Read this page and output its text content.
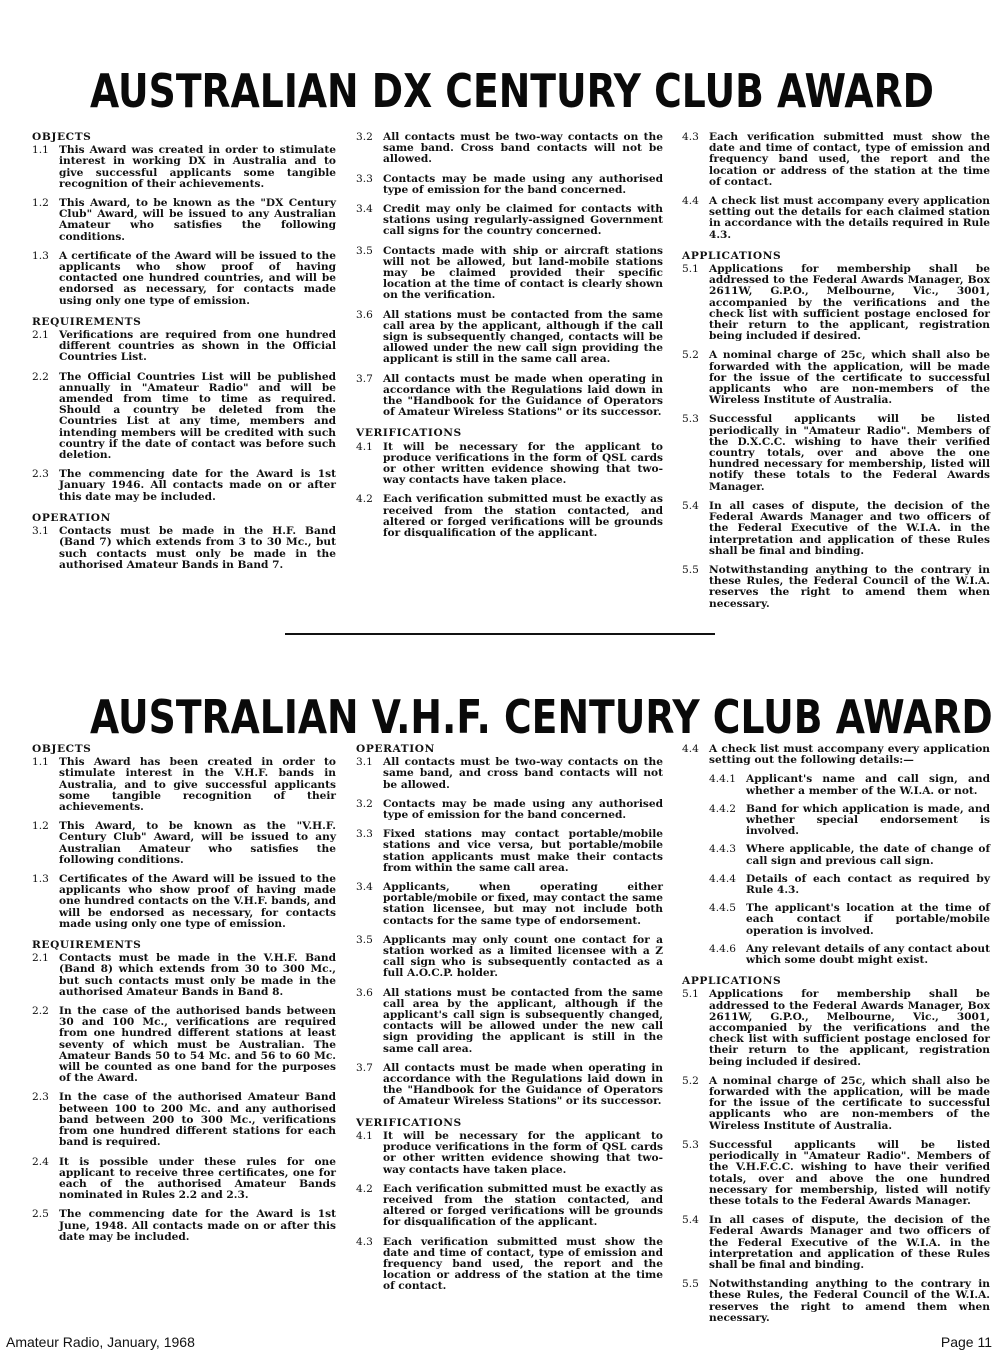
AUSTRALIAN DX CENTURY CLUB AWARD
OBJECTS
1.1 This Award was created in order to stimulate interest in working DX in Australia and to give successful applicants some tangible recognition of their achievements.
1.2 This Award, to be known as the "DX Century Club" Award, will be issued to any Australian Amateur who satisfies the following conditions.
1.3 A certificate of the Award will be issued to the applicants who show proof of having contacted one hundred countries, and will be endorsed as necessary, for contacts made using only one type of emission.
REQUIREMENTS
2.1 Verifications are required from one hundred different countries as shown in the Official Countries List.
2.2 The Official Countries List will be published annually in "Amateur Radio" and will be amended from time to time as required. Should a country be deleted from the Countries List at any time, members and intending members will be credited with such country if the date of contact was before such deletion.
2.3 The commencing date for the Award is 1st January 1946. All contacts made on or after this date may be included.
OPERATION
3.1 Contacts must be made in the H.F. Band (Band 7) which extends from 3 to 30 Mc., but such contacts must only be made in the authorised Amateur Bands in Band 7.
3.2 All contacts must be two-way contacts on the same band. Cross band contacts will not be allowed.
3.3 Contacts may be made using any authorised type of emission for the band concerned.
3.4 Credit may only be claimed for contacts with stations using regularly-assigned Government call signs for the country concerned.
3.5 Contacts made with ship or aircraft stations will not be allowed, but land-mobile stations may be claimed provided their specific location at the time of contact is clearly shown on the verification.
3.6 All stations must be contacted from the same call area by the applicant, although if the call sign is subsequently changed, contacts will be allowed under the new call sign providing the applicant is still in the same call area.
3.7 All contacts must be made when operating in accordance with the Regulations laid down in the "Handbook for the Guidance of Operators of Amateur Wireless Stations" or its successor.
VERIFICATIONS
4.1 It will be necessary for the applicant to produce verifications in the form of QSL cards or other written evidence showing that two-way contacts have taken place.
4.2 Each verification submitted must be exactly as received from the station contacted, and altered or forged verifications will be grounds for disqualification of the applicant.
4.3 Each verification submitted must show the date and time of contact, type of emission and frequency band used, the report and the location or address of the station at the time of contact.
4.4 A check list must accompany every application setting out the details for each claimed station in accordance with the details required in Rule 4.3.
APPLICATIONS
5.1 Applications for membership shall be addressed to the Federal Awards Manager, Box 2611W, G.P.O., Melbourne, Vic., 3001, accompanied by the verifications and the check list with sufficient postage enclosed for their return to the applicant, registration being included if desired.
5.2 A nominal charge of 25c, which shall also be forwarded with the application, will be made for the issue of the certificate to successful applicants who are non-members of the Wireless Institute of Australia.
5.3 Successful applicants will be listed periodically in "Amateur Radio". Members of the D.X.C.C. wishing to have their verified country totals, over and above the one hundred necessary for membership, listed will notify these totals to the Federal Awards Manager.
5.4 In all cases of dispute, the decision of the Federal Awards Manager and two officers of the Federal Executive of the W.I.A. in the interpretation and application of these Rules shall be final and binding.
5.5 Notwithstanding anything to the contrary in these Rules, the Federal Council of the W.I.A. reserves the right to amend them when necessary.
AUSTRALIAN V.H.F. CENTURY CLUB AWARD
OBJECTS
1.1 This Award has been created in order to stimulate interest in the V.H.F. bands in Australia, and to give successful applicants some tangible recognition of their achievements.
1.2 This Award, to be known as the "V.H.F. Century Club" Award, will be issued to any Australian Amateur who satisfies the following conditions.
1.3 Certificates of the Award will be issued to the applicants who show proof of having made one hundred contacts on the V.H.F. bands, and will be endorsed as necessary, for contacts made using only one type of emission.
REQUIREMENTS
2.1 Contacts must be made in the V.H.F. Band (Band 8) which extends from 30 to 300 Mc., but such contacts must only be made in the authorised Amateur Bands in Band 8.
2.2 In the case of the authorised bands between 30 and 100 Mc., verifications are required from one hundred different stations at least seventy of which must be Australian. The Amateur Bands 50 to 54 Mc. and 56 to 60 Mc. will be counted as one band for the purposes of the Award.
2.3 In the case of the authorised Amateur Band between 100 to 200 Mc. and any authorised band between 200 to 300 Mc., verifications from one hundred different stations for each band is required.
2.4 It is possible under these rules for one applicant to receive three certificates, one for each of the authorised Amateur Bands nominated in Rules 2.2 and 2.3.
2.5 The commencing date for the Award is 1st June, 1948. All contacts made on or after this date may be included.
OPERATION
3.1 All contacts must be two-way contacts on the same band, and cross band contacts will not be allowed.
3.2 Contacts may be made using any authorised type of emission for the band concerned.
3.3 Fixed stations may contact portable/mobile stations and vice versa, but portable/mobile station applicants must make their contacts from within the same call area.
3.4 Applicants, when operating either portable/mobile or fixed, may contact the same station licensee, but may not include both contacts for the same type of endorsement.
3.5 Applicants may only count one contact for a station worked as a limited licensee with a Z call sign who is subsequently contacted as a full A.O.C.P. holder.
3.6 All stations must be contacted from the same call area by the applicant, although if the applicant's call sign is subsequently changed, contacts will be allowed under the new call sign providing the applicant is still in the same call area.
3.7 All contacts must be made when operating in accordance with the Regulations laid down in the "Handbook for the Guidance of Operators of Amateur Wireless Stations" or its successor.
VERIFICATIONS
4.1 It will be necessary for the applicant to produce verifications in the form of QSL cards or other written evidence showing that two-way contacts have taken place.
4.2 Each verification submitted must be exactly as received from the station contacted, and altered or forged verifications will be grounds for disqualification of the applicant.
4.3 Each verification submitted must show the date and time of contact, type of emission and frequency band used, the report and the location or address of the station at the time of contact.
4.4 A check list must accompany every application setting out the following details:—
4.4.1 Applicant's name and call sign, and whether a member of the W.I.A. or not.
4.4.2 Band for which application is made, and whether special endorsement is involved.
4.4.3 Where applicable, the date of change of call sign and previous call sign.
4.4.4 Details of each contact as required by Rule 4.3.
4.4.5 The applicant's location at the time of each contact if portable/mobile operation is involved.
4.4.6 Any relevant details of any contact about which some doubt might exist.
APPLICATIONS
5.1 Applications for membership shall be addressed to the Federal Awards Manager, Box 2611W, G.P.O., Melbourne, Vic., 3001, accompanied by the verifications and the check list with sufficient postage enclosed for their return to the applicant, registration being included if desired.
5.2 A nominal charge of 25c, which shall also be forwarded with the application, will be made for the issue of the certificate to successful applicants who are non-members of the Wireless Institute of Australia.
5.3 Successful applicants will be listed periodically in "Amateur Radio". Members of the V.H.F.C.C. wishing to have their verified totals, over and above the one hundred necessary for membership, listed will notify these totals to the Federal Awards Manager.
5.4 In all cases of dispute, the decision of the Federal Awards Manager and two officers of the Federal Executive of the W.I.A. in the interpretation and application of these Rules shall be final and binding.
5.5 Notwithstanding anything to the contrary in these Rules, the Federal Council of the W.I.A. reserves the right to amend them when necessary.
Amateur Radio, January, 1968	Page 11
